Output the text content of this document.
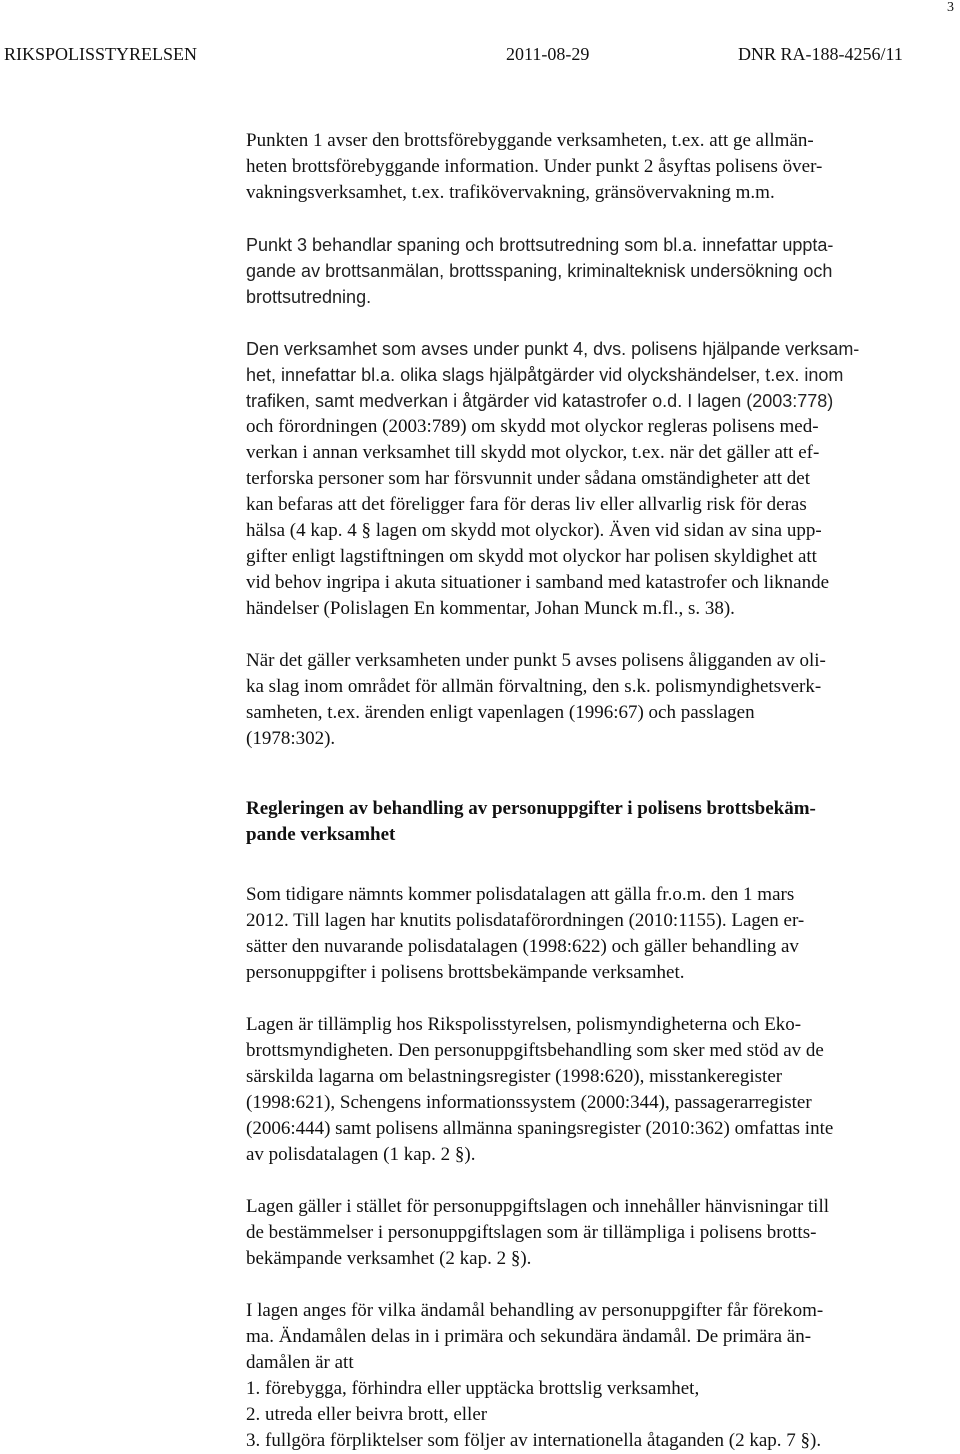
3
RIKSPOLISSTYRELSEN	2011-08-29	DNR RA-188-4256/11

Punkten 1 avser den brottsförebyggande verksamheten, t.ex. att ge allmän-

heten brottsförebyggande information. Under punkt 2 åsyftas polisens över-

vakningsverksamhet, t.ex. trafikövervakning, gränsövervakning m.m.

Punkt 3 behandlar spaning och brottsutredning som bl.a. innefattar uppta-

gande av brottsanmälan, brottsspaning, kriminalteknisk undersökning och

brottsutredning.

Den verksamhet som avses under punkt 4, dvs. polisens hjälpande verksam-

het, innefattar bl.a. olika slags hjälpåtgärder vid olyckshändelser, t.ex. inom

trafiken, samt medverkan i åtgärder vid katastrofer o.d. I lagen (2003:778)

och förordningen (2003:789) om skydd mot olyckor regleras polisens med-

verkan i annan verksamhet till skydd mot olyckor, t.ex. när det gäller att ef-

terforska personer som har försvunnit under sådana omständigheter att det

kan befaras att det föreligger fara för deras liv eller allvarlig risk för deras

hälsa (4 kap. 4 § lagen om skydd mot olyckor). Även vid sidan av sina upp-

gifter enligt lagstiftningen om skydd mot olyckor har polisen skyldighet att

vid behov ingripa i akuta situationer i samband med katastrofer och liknande

händelser (Polislagen En kommentar, Johan Munck m.fl., s. 38).

När det gäller verksamheten under punkt 5 avses polisens åligganden av oli-

ka slag inom området för allmän förvaltning, den s.k. polismyndighetsverk-

samheten, t.ex. ärenden enligt vapenlagen (1996:67) och passlagen

(1978:302).

Regleringen av behandling av personuppgifter i polisens brottsbekäm-

pande verksamhet

Som tidigare nämnts kommer polisdatalagen att gälla fr.o.m. den 1 mars

2012. Till lagen har knutits polisdataförordningen (2010:1155). Lagen er-

sätter den nuvarande polisdatalagen (1998:622) och gäller behandling av

personuppgifter i polisens brottsbekämpande verksamhet.

Lagen är tillämplig hos Rikspolisstyrelsen, polismyndigheterna och Eko-

brottsmyndigheten. Den personuppgiftsbehandling som sker med stöd av de

särskilda lagarna om belastningsregister (1998:620), misstankeregister

(1998:621), Schengens informationssystem (2000:344), passagerarregister

(2006:444) samt polisens allmänna spaningsregister (2010:362) omfattas inte

av polisdatalagen (1 kap. 2 §).

Lagen gäller i stället för personuppgiftslagen och innehåller hänvisningar till

de bestämmelser i personuppgiftslagen som är tillämpliga i polisens brotts-

bekämpande verksamhet (2 kap. 2 §).

I lagen anges för vilka ändamål behandling av personuppgifter får förekom-

ma. Ändamålen delas in i primära och sekundära ändamål. De primära än-

damålen är att

1. förebygga, förhindra eller upptäcka brottslig verksamhet,

2. utreda eller beivra brott, eller

3. fullgöra förpliktelser som följer av internationella åtaganden (2 kap. 7 §).
